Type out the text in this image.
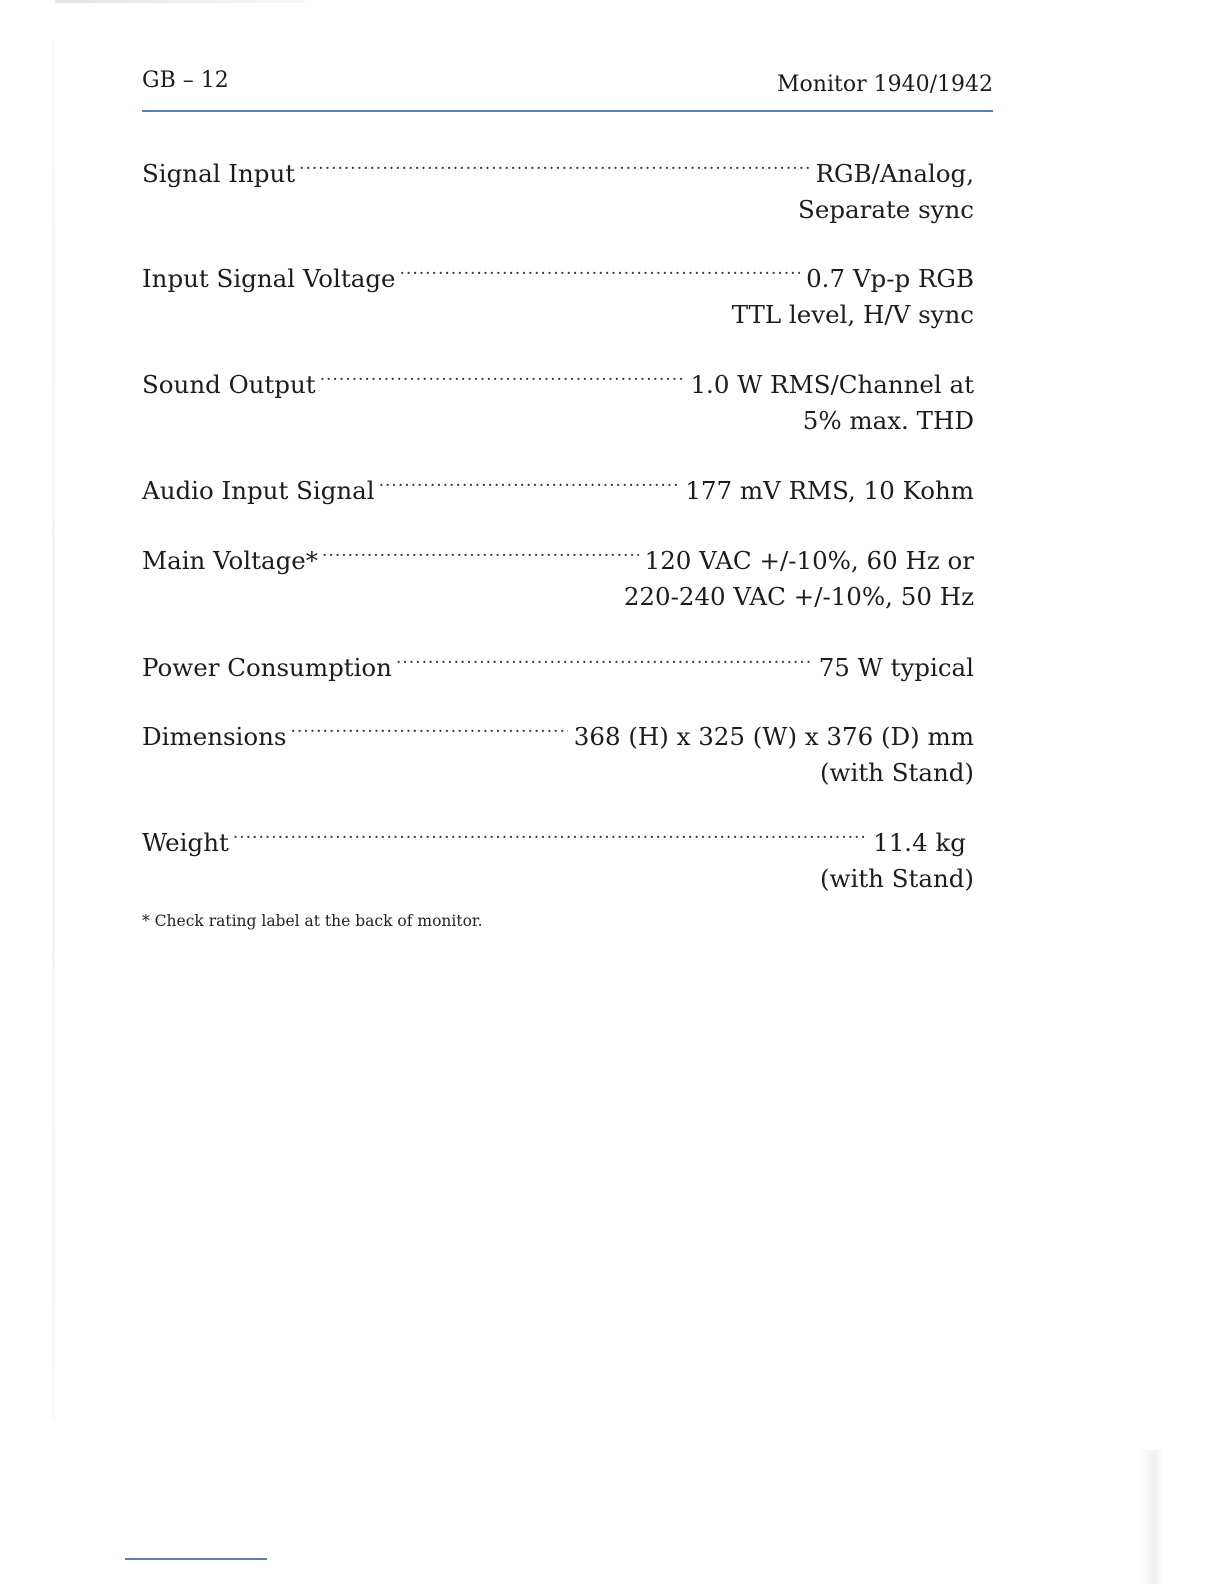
GB – 12	Monitor 1940/1942
Signal Input .....	RGB/Analog,
Separate sync
Input Signal Voltage .....	0.7 Vp-p RGB
TTL level, H/V sync
Sound Output .....	1.0 W RMS/Channel at
5% max. THD
Audio Input Signal .....	177 mV RMS, 10 Kohm
Main Voltage* .....	120 VAC +/-10%, 60 Hz or
220-240 VAC +/-10%, 50 Hz
Power Consumption .....	75 W typical
Dimensions .....	368 (H) x 325 (W) x 376 (D) mm
(with Stand)
Weight .....	11.4 kg
(with Stand)
* Check rating label at the back of monitor.
